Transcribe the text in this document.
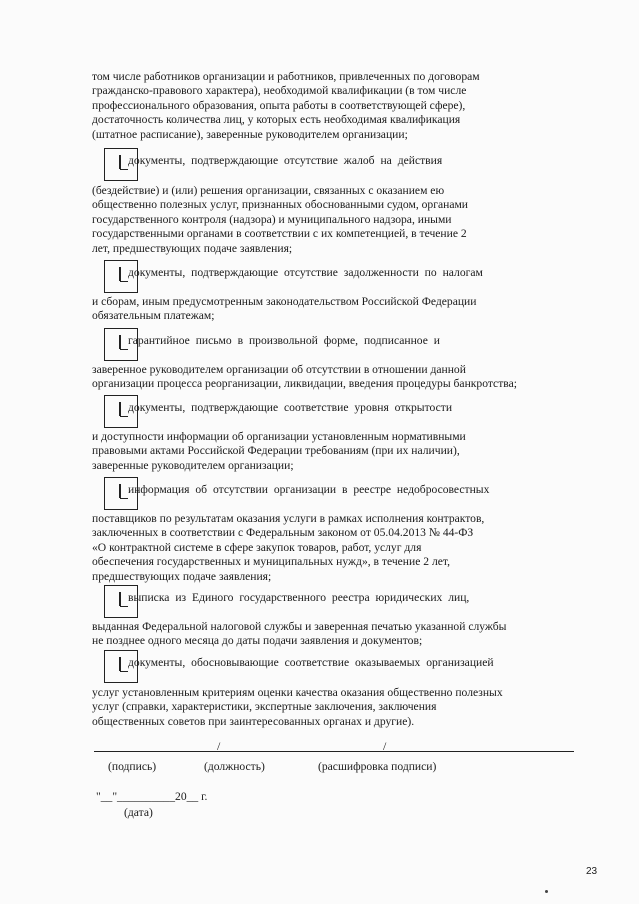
том числе работников организации и работников, привлеченных по договорам
гражданско-правового характера), необходимой квалификации (в том числе
профессионального образования, опыта работы в соответствующей сфере),
достаточность количества лиц, у которых есть необходимая квалификация
(штатное расписание), заверенные руководителем организации;

документы, подтверждающие отсутствие жалоб на действия

(бездействие) и (или) решения организации, связанных с оказанием ею
общественно полезных услуг, признанных обоснованными судом, органами
государственного контроля (надзора) и муниципального надзора, иными
государственными органами в соответствии с их компетенцией, в течение 2
лет, предшествующих подаче заявления;

документы, подтверждающие отсутствие задолженности по налогам

и сборам, иным предусмотренным законодательством Российской Федерации
обязательным платежам;

гарантийное письмо в произвольной форме, подписанное и

заверенное руководителем организации об отсутствии в отношении данной
организации процесса реорганизации, ликвидации, введения процедуры банкротства;

документы, подтверждающие соответствие уровня открытости

и доступности информации об организации установленным нормативными
правовыми актами Российской Федерации требованиям (при их наличии),
заверенные руководителем организации;

информация об отсутствии организации в реестре недобросовестных

поставщиков по результатам оказания услуги в рамках исполнения контрактов,
заключенных в соответствии с Федеральным законом от 05.04.2013 № 44-ФЗ
«О контрактной системе в сфере закупок товаров, работ, услуг для
обеспечения государственных и муниципальных нужд», в течение 2 лет,
предшествующих подаче заявления;

выписка из Единого государственного реестра юридических лиц,

выданная Федеральной налоговой службы и заверенная печатью указанной службы
не позднее одного месяца до даты подачи заявления и документов;

документы, обосновывающие соответствие оказываемых организацией

услуг установленным критериям оценки качества оказания общественно полезных
услуг (справки, характеристики, экспертные заключения, заключения
общественных советов при заинтересованных органах и другие).

/	/
(подпись)	(должность)	(расшифровка подписи)
"__"__________20__ г.
(дата)
23
